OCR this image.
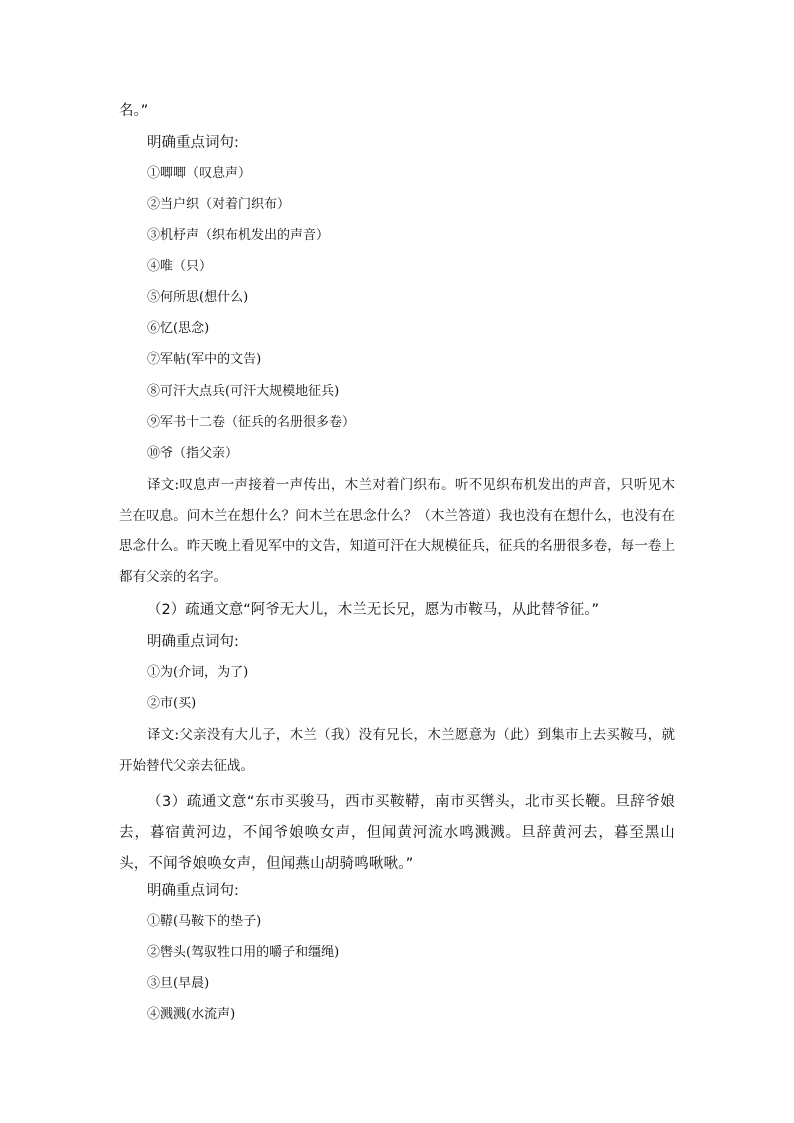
名。”
明确重点词句:
①唧唧（叹息声）
②当户织（对着门织布）
③机杼声（织布机发出的声音）
④唯（只）
⑤何所思(想什么)
⑥忆(思念)
⑦军帖(军中的文告)
⑧可汗大点兵(可汗大规模地征兵)
⑨军书十二卷（征兵的名册很多卷）
⑩爷（指父亲）
译文:叹息声一声接着一声传出，木兰对着门织布。听不见织布机发出的声音，只听见木兰在叹息。问木兰在想什么？问木兰在思念什么？（木兰答道）我也没有在想什么，也没有在思念什么。昨天晚上看见军中的文告，知道可汗在大规模征兵，征兵的名册很多卷，每一卷上都有父亲的名字。
（2）疏通文意“阿爷无大儿，木兰无长兄，愿为市鞍马，从此替爷征。”
明确重点词句:
①为(介词，为了)
②市(买)
译文:父亲没有大儿子，木兰（我）没有兄长，木兰愿意为（此）到集市上去买鞍马，就开始替代父亲去征战。
（3）疏通文意“东市买骏马，西市买鞍鞯，南市买辔头，北市买长鞭。旦辞爷娘去，暮宿黄河边，不闻爷娘唤女声，但闻黄河流水鸣溅溅。旦辞黄河去，暮至黑山头，不闻爷娘唤女声，但闻燕山胡骑鸣啾啾。”
明确重点词句:
①鞯(马鞍下的垫子)
②辔头(驾驭牲口用的嚼子和缰绳)
③旦(早晨)
④溅溅(水流声)
